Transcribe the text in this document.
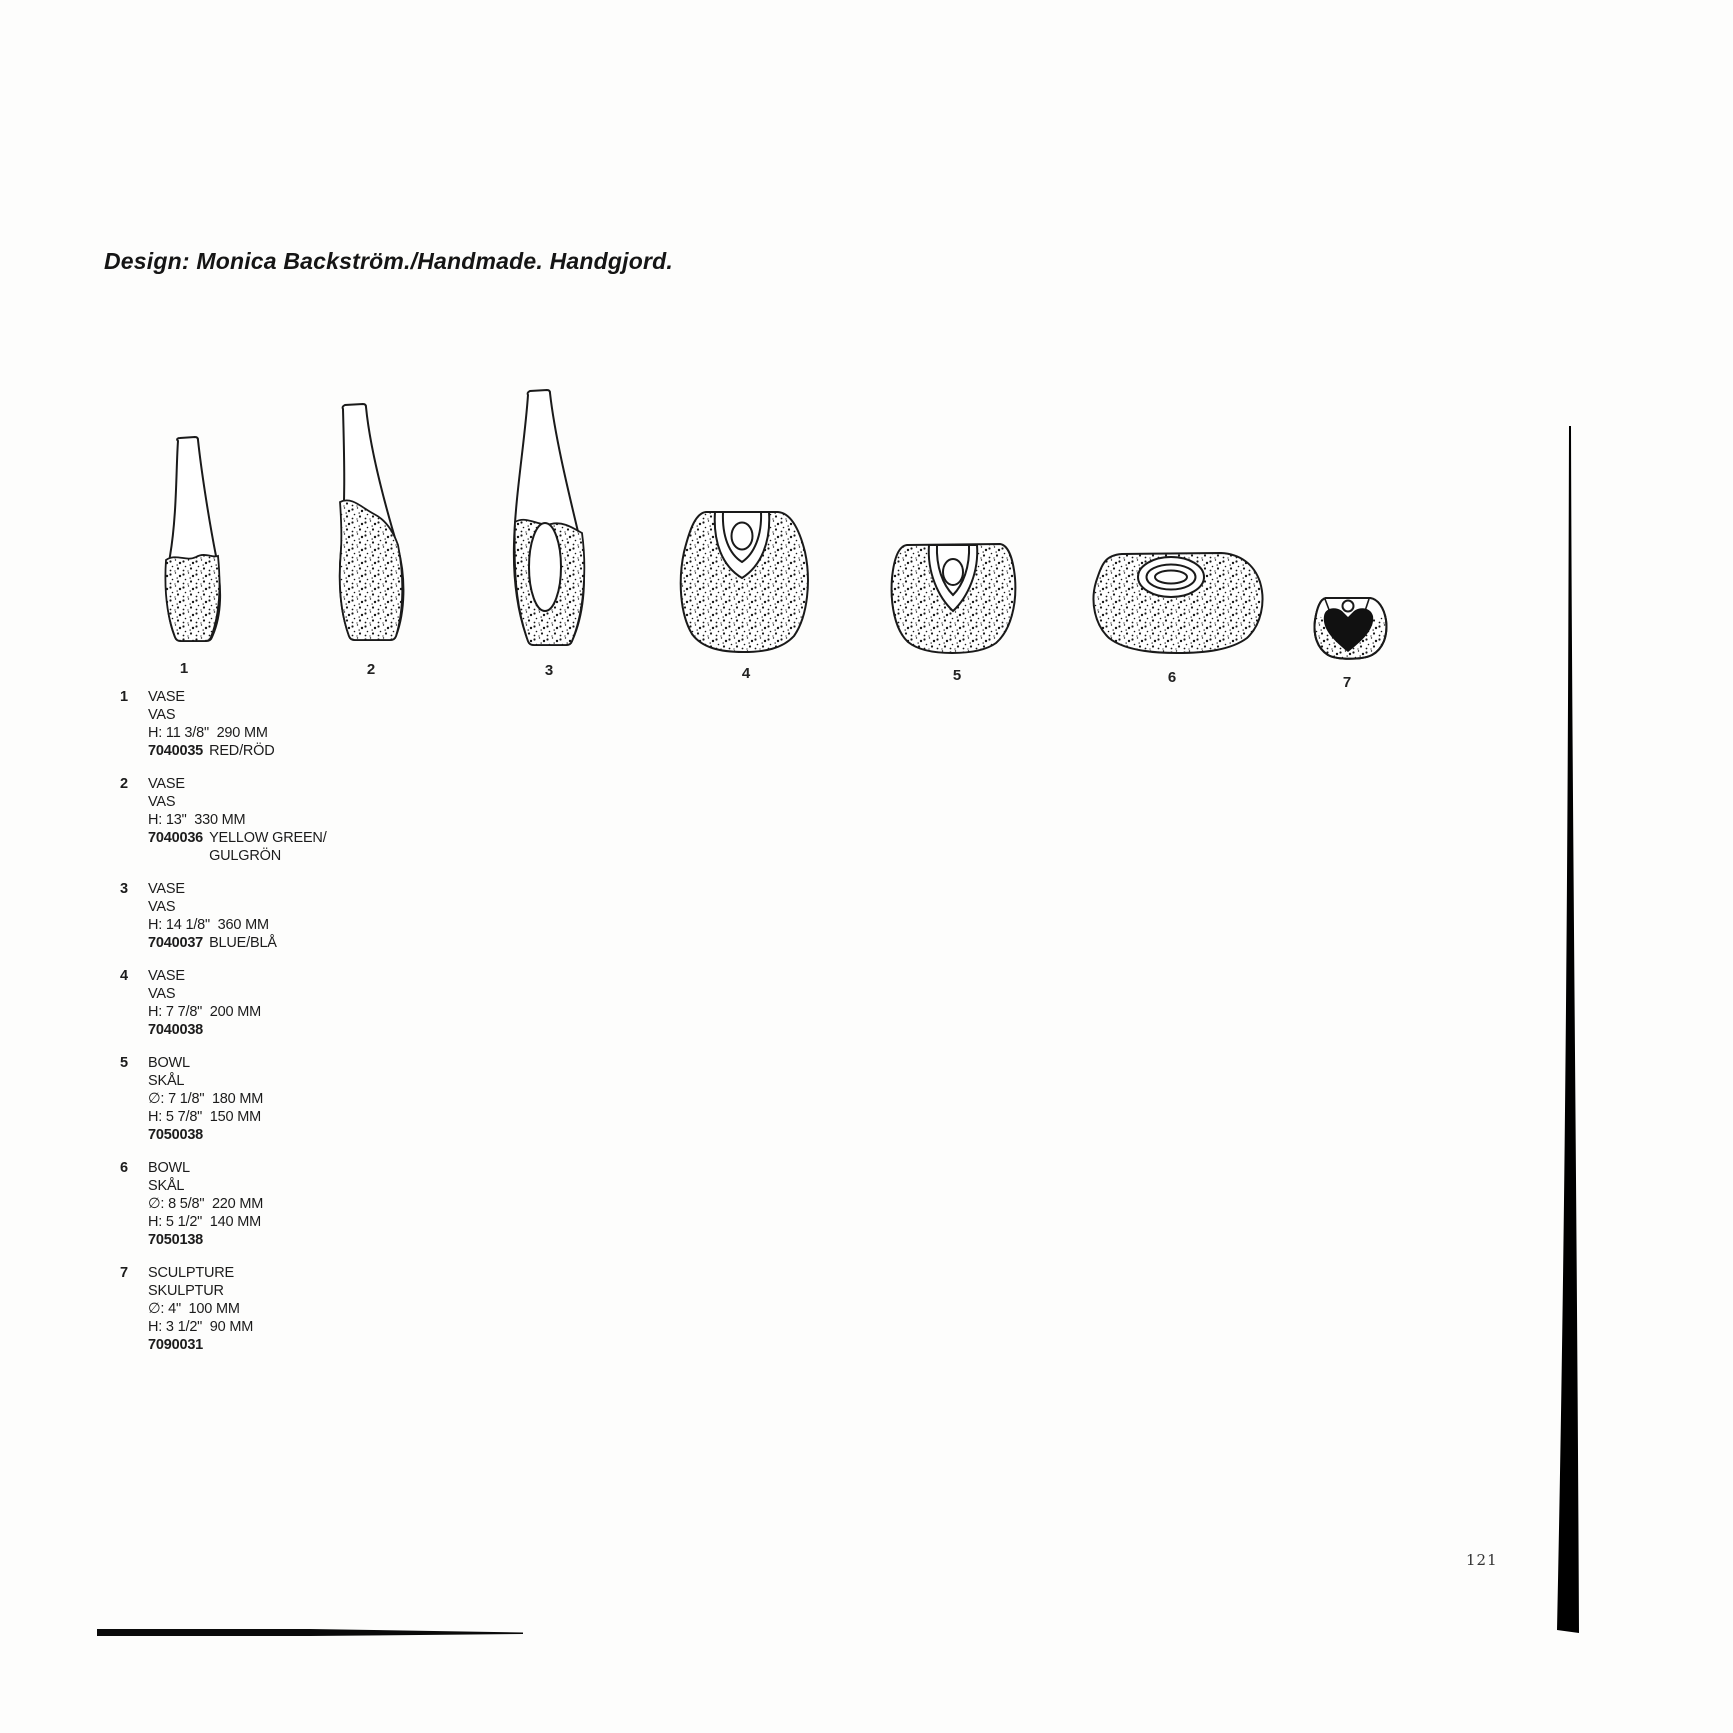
Design: Monica Backström./Handmade. Handgjord.
1	2	3	4	5	6	7
1	VASE
VAS
H: 11 3/8"  290 MM
7040035 RED/RÖD
2	VASE
VAS
H: 13"  330 MM
7040036 YELLOW GREEN/
GULGRÖN
3	VASE
VAS
H: 14 1/8"  360 MM
7040037 BLUE/BLÅ
4	VASE
VAS
H: 7 7/8"  200 MM
7040038
5	BOWL
SKÅL
∅: 7 1/8"  180 MM
H: 5 7/8"  150 MM
7050038
6	BOWL
SKÅL
∅: 8 5/8"  220 MM
H: 5 1/2"  140 MM
7050138
7	SCULPTURE
SKULPTUR
∅: 4"  100 MM
H: 3 1/2"  90 MM
7090031
121
